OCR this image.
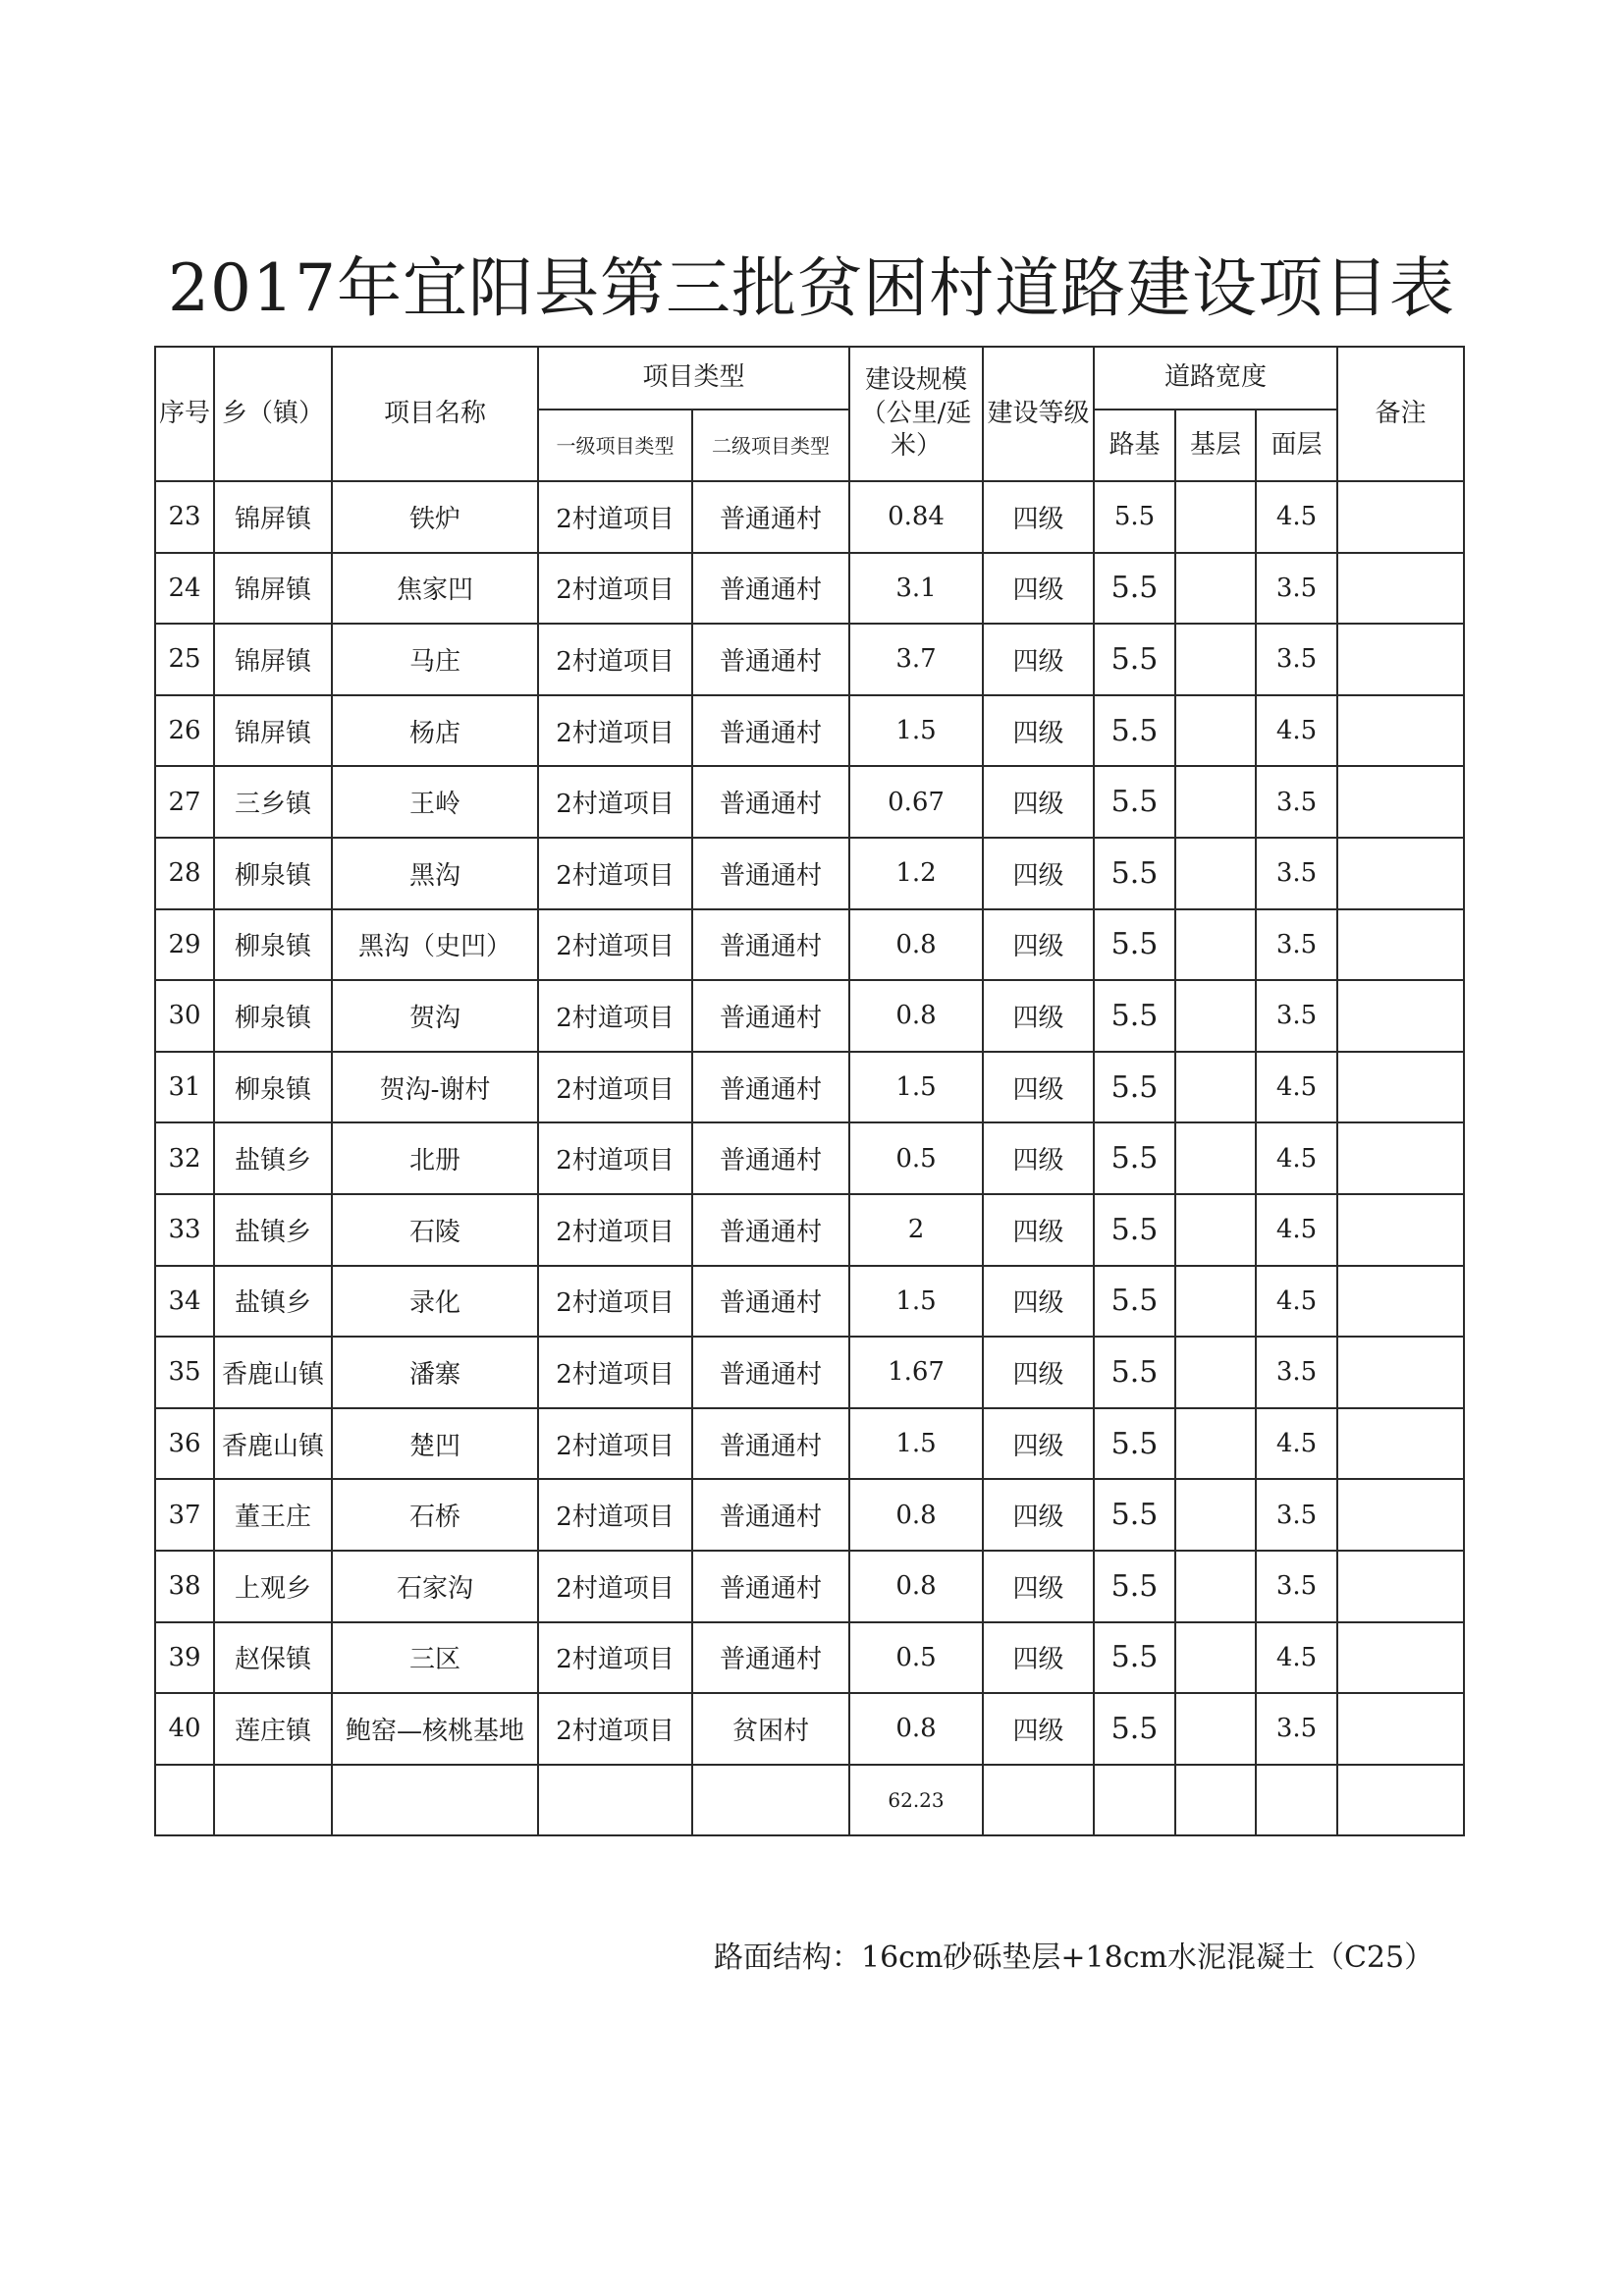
2017年宜阳县第三批贫困村道路建设项目表
序号	乡（镇）	项目名称	项目类型		建设规模（公里/延米）	建设等级	道路宽度			备注
			一级项目类型	二级项目类型			路基	基层	面层	
23	锦屏镇	铁炉	2村道项目	普通通村	0.84	四级	5.5		4.5	
24	锦屏镇	焦家凹	2村道项目	普通通村	3.1	四级	5.5		3.5	
25	锦屏镇	马庄	2村道项目	普通通村	3.7	四级	5.5		3.5	
26	锦屏镇	杨店	2村道项目	普通通村	1.5	四级	5.5		4.5	
27	三乡镇	王岭	2村道项目	普通通村	0.67	四级	5.5		3.5	
28	柳泉镇	黑沟	2村道项目	普通通村	1.2	四级	5.5		3.5	
29	柳泉镇	黑沟（史凹）	2村道项目	普通通村	0.8	四级	5.5		3.5	
30	柳泉镇	贺沟	2村道项目	普通通村	0.8	四级	5.5		3.5	
31	柳泉镇	贺沟-谢村	2村道项目	普通通村	1.5	四级	5.5		4.5	
32	盐镇乡	北册	2村道项目	普通通村	0.5	四级	5.5		4.5	
33	盐镇乡	石陵	2村道项目	普通通村	2	四级	5.5		4.5	
34	盐镇乡	录化	2村道项目	普通通村	1.5	四级	5.5		4.5	
35	香鹿山镇	潘寨	2村道项目	普通通村	1.67	四级	5.5		3.5	
36	香鹿山镇	楚凹	2村道项目	普通通村	1.5	四级	5.5		4.5	
37	董王庄	石桥	2村道项目	普通通村	0.8	四级	5.5		3.5	
38	上观乡	石家沟	2村道项目	普通通村	0.8	四级	5.5		3.5	
39	赵保镇	三区	2村道项目	普通通村	0.5	四级	5.5		4.5	
40	莲庄镇	鲍窑—核桃基地	2村道项目	贫困村	0.8	四级	5.5		3.5	
					62.23					
路面结构：16cm砂砾垫层+18cm水泥混凝土（C25）
